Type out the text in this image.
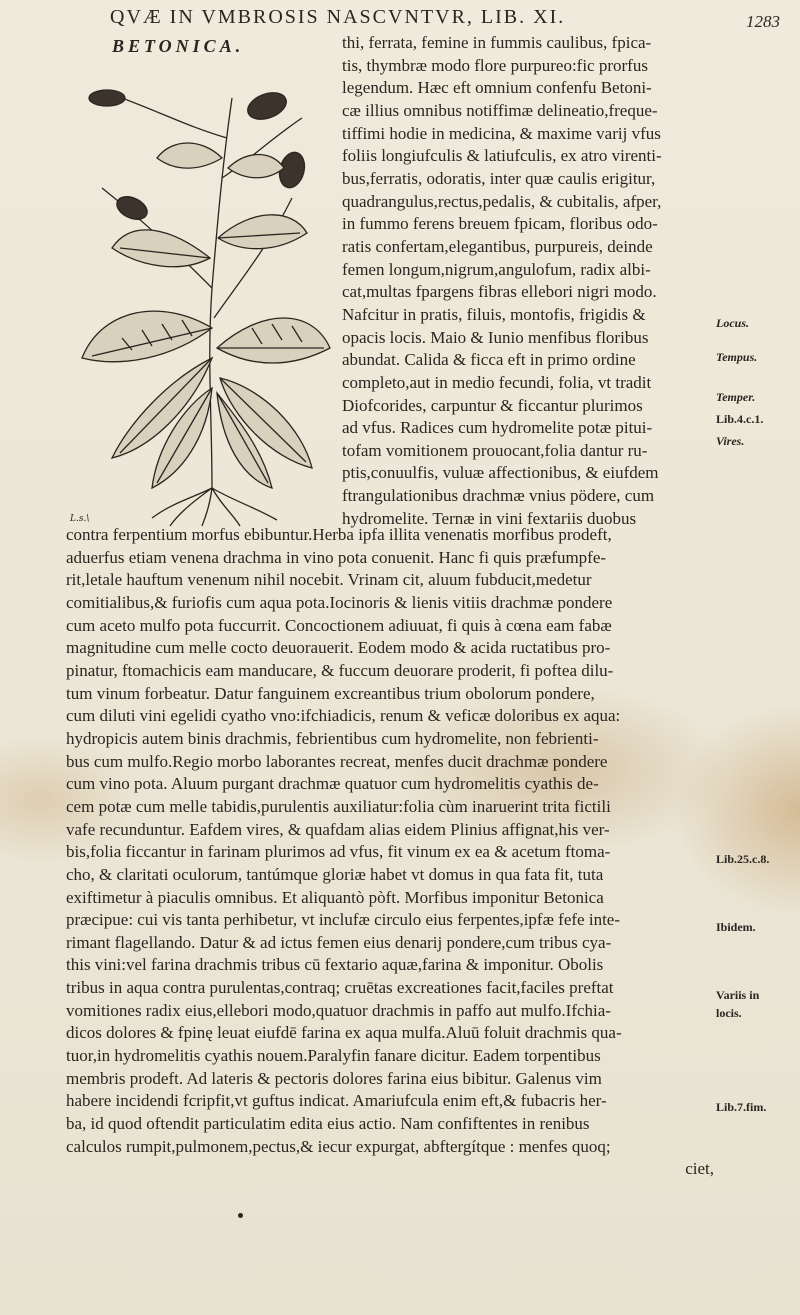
QVÆ IN VMBROSIS NASCVNTVR, LIB. XI.	1283
BETONICA.
L.s.\
thi, ferrata, femine in fummis caulibus, fpica-
tis, thymbræ modo flore purpureo:fic prorfus
legendum. Hæc eft omnium confenfu Betoni-
cæ illius omnibus notiffimæ delineatio,freque-
tiffimi hodie in medicina, & maxime varij vfus
foliis longiufculis & latiufculis, ex atro virenti-
bus,ferratis, odoratis, inter quæ caulis erigitur,
quadrangulus,rectus,pedalis, & cubitalis, afper,
in fummo ferens breuem fpicam, floribus odo-
ratis confertam,elegantibus, purpureis, deinde
femen longum,nigrum,angulofum, radix albi-
cat,multas fpargens fibras ellebori nigri modo.
Nafcitur in pratis, filuis, montofis, frigidis &
opacis locis. Maio & Iunio menfibus floribus
abundat. Calida & ficca eft in primo ordine
completo,aut in medio fecundi, folia, vt tradit
Diofcorides, carpuntur & ficcantur plurimos
ad vfus. Radices cum hydromelite potæ pitui-
tofam vomitionem prouocant,folia dantur ru-
ptis,conuulfis, vuluæ affectionibus, & eiufdem
ftrangulationibus drachmæ vnius pödere, cum
hydromelite. Ternæ in vini fextariis duobus
contra ferpentium morfus ebibuntur.Herba ipfa illita venenatis morfibus prodeft,
aduerfus etiam venena drachma in vino pota conuenit. Hanc fi quis præfumpfe-
rit,letale hauftum venenum nihil nocebit. Vrinam cit, aluum fubducit,medetur
comitialibus,& furiofis cum aqua pota.Iocinoris & lienis vitiis drachmæ pondere
cum aceto mulfo pota fuccurrit. Concoctionem adiuuat, fi quis à cœna eam fabæ
magnitudine cum melle cocto deuorauerit. Eodem modo & acida ructatibus pro-
pinatur, ftomachicis eam manducare, & fuccum deuorare proderit, fi poftea dilu-
tum vinum forbeatur. Datur fanguinem excreantibus trium obolorum pondere,
cum diluti vini egelidi cyatho vno:ifchiadicis, renum & veficæ doloribus ex aqua:
hydropicis autem binis drachmis, febrientibus cum hydromelite, non febrienti-
bus cum mulfo.Regio morbo laborantes recreat, menfes ducit drachmæ pondere
cum vino pota. Aluum purgant drachmæ quatuor cum hydromelitis cyathis de-
cem potæ cum melle tabidis,purulentis auxiliatur:folia cùm inaruerint trita fictili
vafe recunduntur. Eafdem vires, & quafdam alias eidem Plinius affignat,his ver-
bis,folia ficcantur in farinam plurimos ad vfus, fit vinum ex ea & acetum ftoma-
cho, & claritati oculorum, tantúmque gloriæ habet vt domus in qua fata fit, tuta
exiftimetur à piaculis omnibus. Et aliquantò pòft. Morfibus imponitur Betonica
præcipue: cui vis tanta perhibetur, vt inclufæ circulo eius ferpentes,ipfæ fefe inte-
rimant flagellando. Datur & ad ictus femen eius denarij pondere,cum tribus cya-
this vini:vel farina drachmis tribus cū fextario aquæ,farina & imponitur. Obolis
tribus in aqua contra purulentas,contraq; cruētas excreationes facit,faciles preftat
vomitiones radix eius,ellebori modo,quatuor drachmis in paffo aut mulfo.Ifchia-
dicos dolores & fpinę leuat eiufdē farina ex aqua mulfa.Aluū foluit drachmis qua-
tuor,in hydromelitis cyathis nouem.Paralyfin fanare dicitur. Eadem torpentibus
membris prodeft. Ad lateris & pectoris dolores farina eius bibitur. Galenus vim
habere incidendi fcripfit,vt guftus indicat. Amariufcula enim eft,& fubacris her-
ba, id quod oftendit particulatim edita eius actio. Nam confiftentes in renibus
calculos rumpit,pulmonem,pectus,& iecur expurgat, abftergítque : menfes quoq;
ciet,
Locus.
Tempus.
Temper.
Lib.4.c.1.
Vires.
Lib.25.c.8.
Ibidem.
Variis in
locis.
Lib.7.fim.
